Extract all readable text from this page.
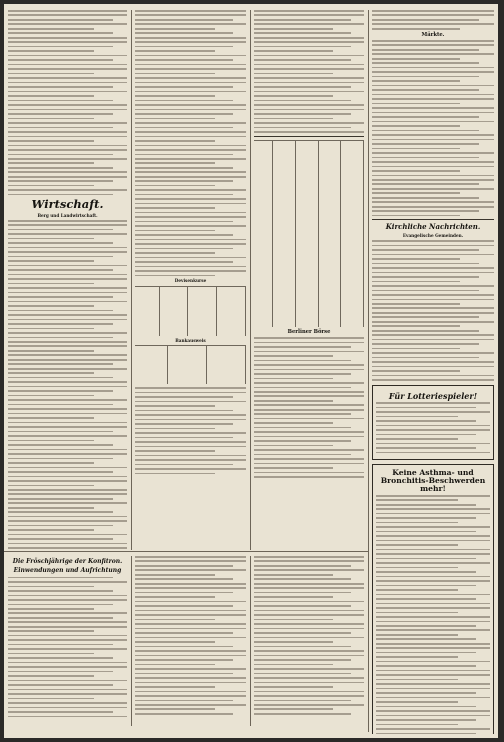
Wirtschaft.
Berg und Landwirtschaft.
Devisenkurse

Bankausweis

Berliner Börse
Märkte.
Kirchliche Nachrichten.
Evangelische Gemeinden.
Für Lotteriespieler!
Keine Asthma- und
Bronchitis-Beschwerden
mehr!
Die Fröschjährige der Konfitron.
Einwendungen und Aufrichtung
